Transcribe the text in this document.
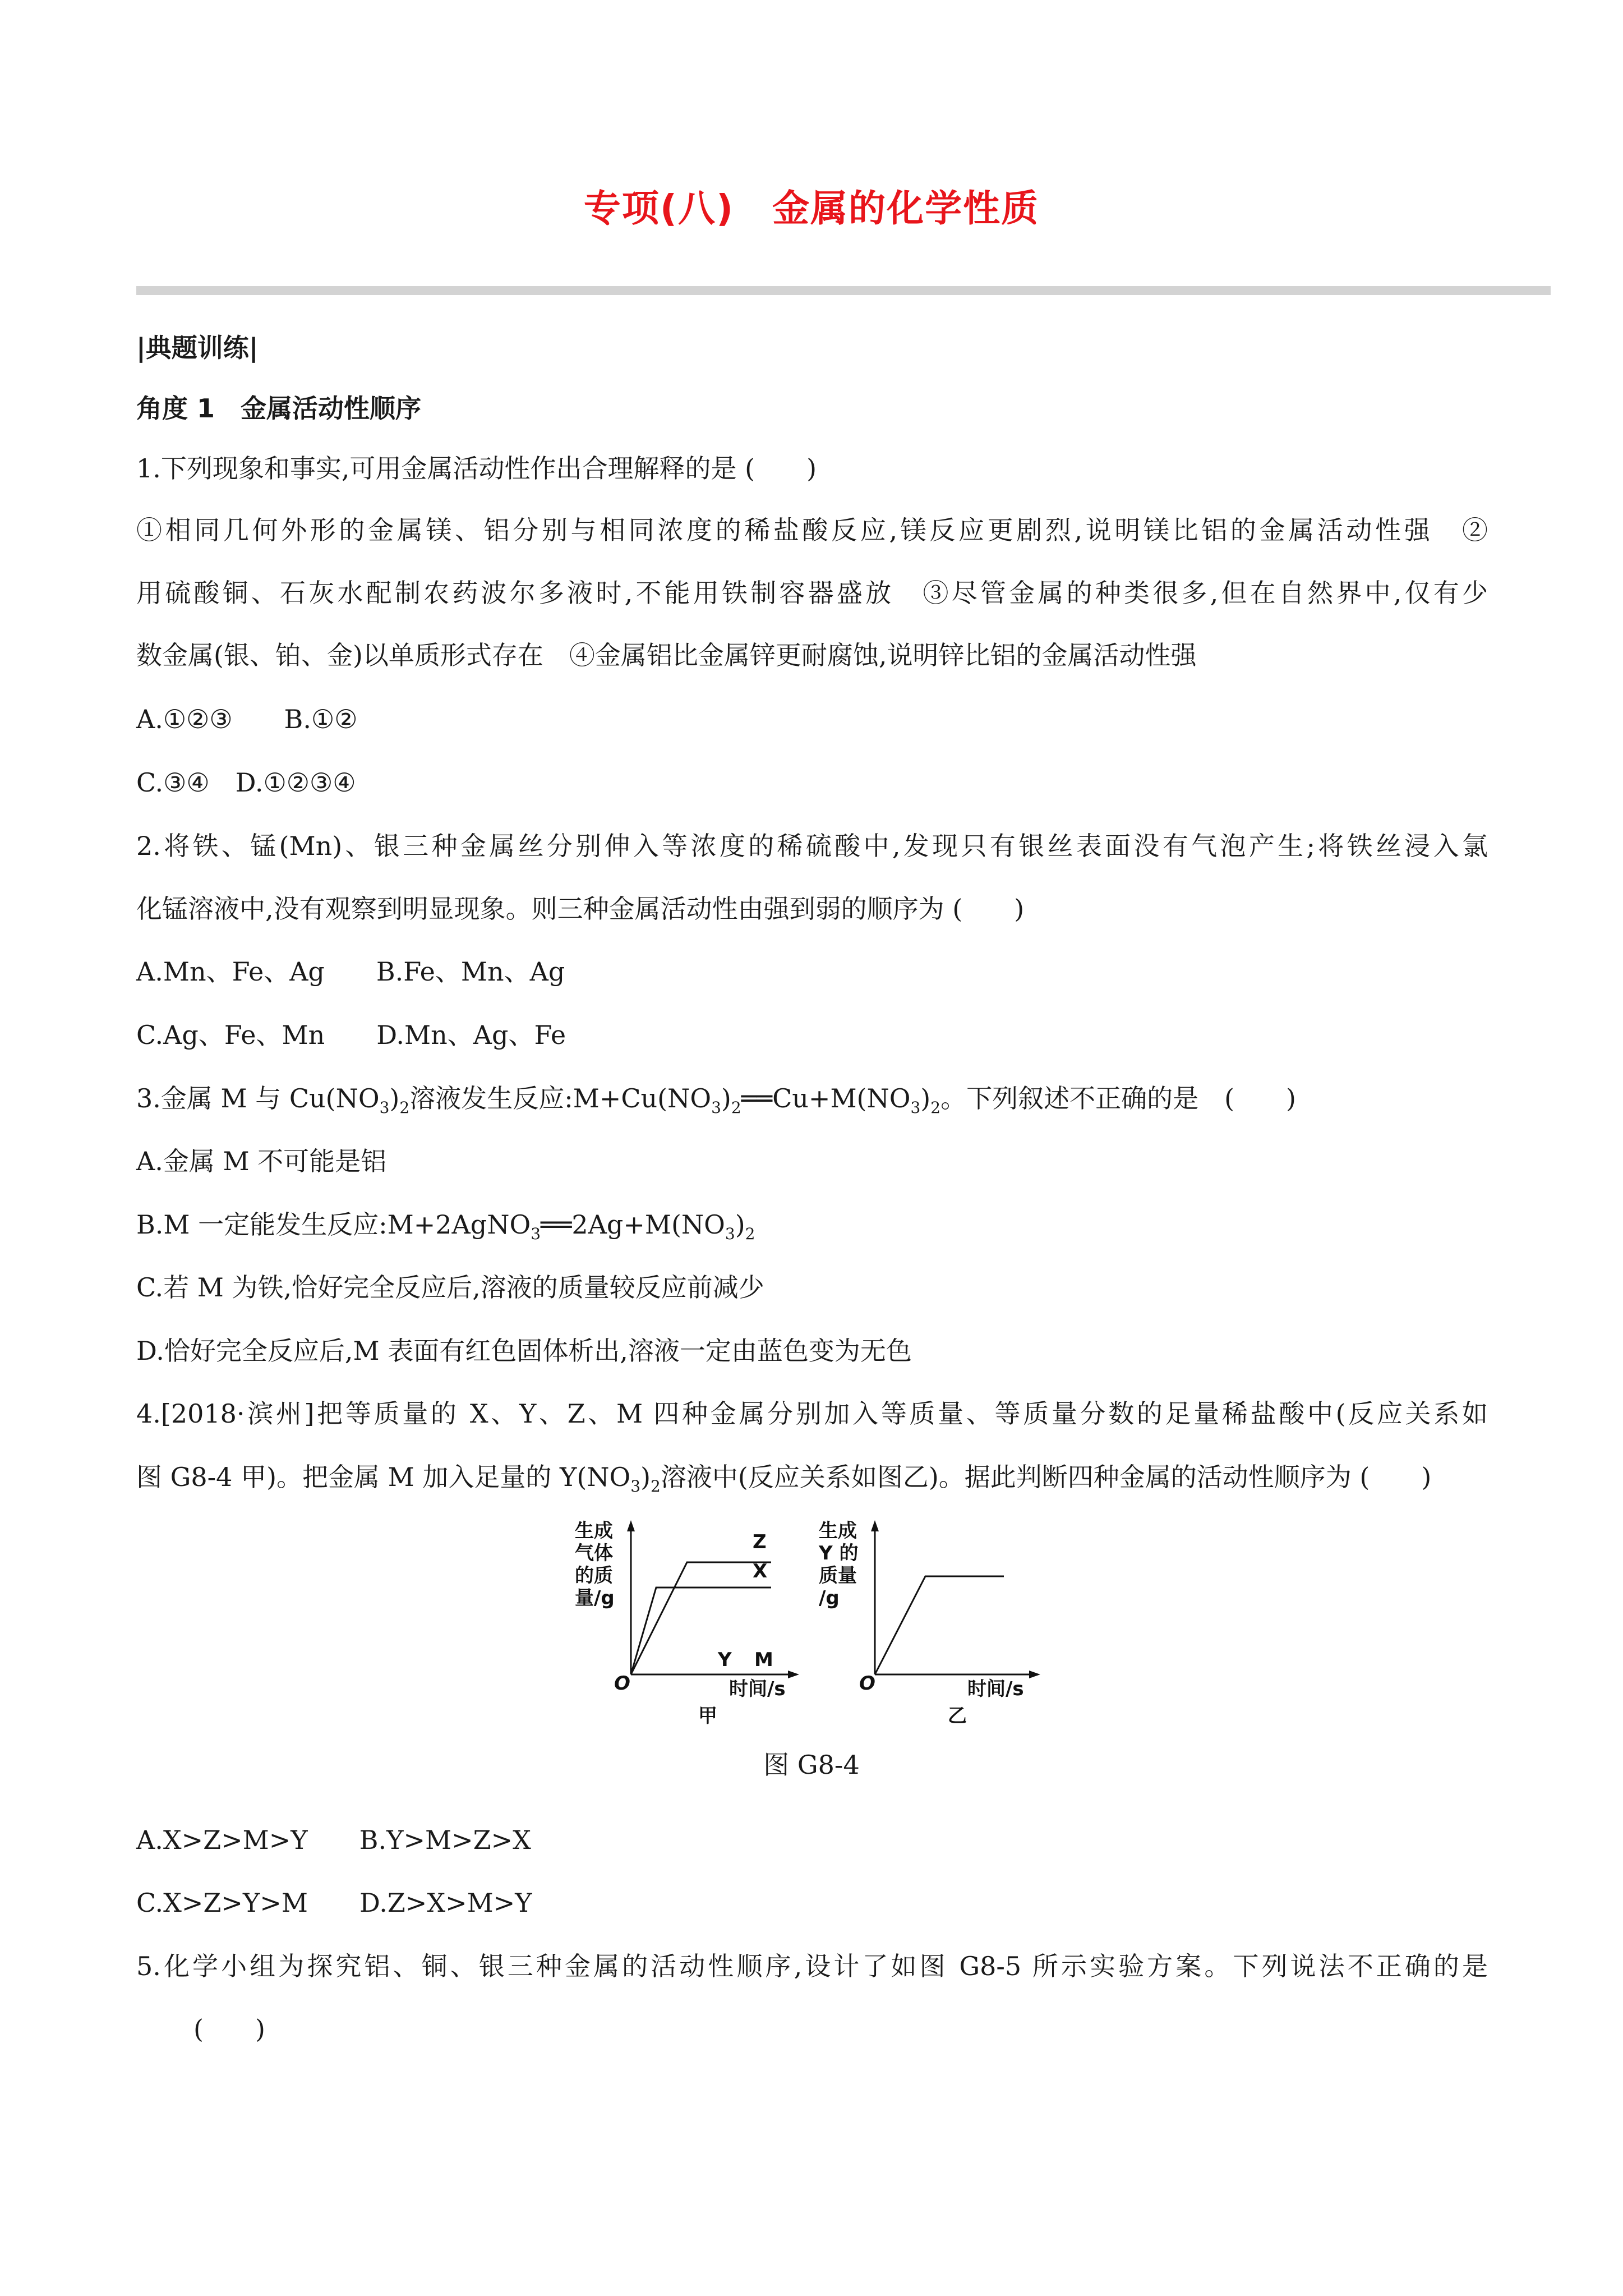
专项(八)　金属的化学性质
|典题训练|
角度 1　金属活动性顺序
1.下列现象和事实,可用金属活动性作出合理解释的是 (　　)
①相同几何外形的金属镁、铝分别与相同浓度的稀盐酸反应,镁反应更剧烈,说明镁比铝的金属活动性强　②
用硫酸铜、石灰水配制农药波尔多液时,不能用铁制容器盛放　③尽管金属的种类很多,但在自然界中,仅有少
数金属(银、铂、金)以单质形式存在　④金属铝比金属锌更耐腐蚀,说明锌比铝的金属活动性强
A.①②③　　B.①②
C.③④　D.①②③④
2.将铁、锰(Mn)、银三种金属丝分别伸入等浓度的稀硫酸中,发现只有银丝表面没有气泡产生;将铁丝浸入氯
化锰溶液中,没有观察到明显现象。则三种金属活动性由强到弱的顺序为 (　　)
A.Mn、Fe、Ag　　B.Fe、Mn、Ag
C.Ag、Fe、Mn　　D.Mn、Ag、Fe
3.金属 M 与 $Cu(NO_3)_2$溶液发生反应$:M+Cu(NO_3)_2══Cu+M(NO_3)_2$。下列叙述不正确的是　(　　)
A.金属 M 不可能是铝
B.M 一定能发生反应$:M+2AgNO_3══2Ag+M(NO_3)_2$
C.若 M 为铁,恰好完全反应后,溶液的质量较反应前减少
D.恰好完全反应后,M 表面有红色固体析出,溶液一定由蓝色变为无色
4.[2018·滨州]把等质量的 X、Y、Z、M 四种金属分别加入等质量、等质量分数的足量稀盐酸中(反应关系如
图 G8-4 甲)。把金属 M 加入足量的 $Y(NO_3)_2$溶液中(反应关系如图乙)。据此判断四种金属的活动性顺序为 (　　)
生成
气体
的质
量/g
Z
X
Y M
O	时间/s
甲
生成
Y 的
质量
/g
O	时间/s
乙
图 G8-4
A.X>Z>M>Y　　B.Y>M>Z>X
C.X>Z>Y>M　　D.Z>X>M>Y
5.化学小组为探究铝、铜、银三种金属的活动性顺序,设计了如图 G8-5 所示实验方案。下列说法不正确的是
(　　)
